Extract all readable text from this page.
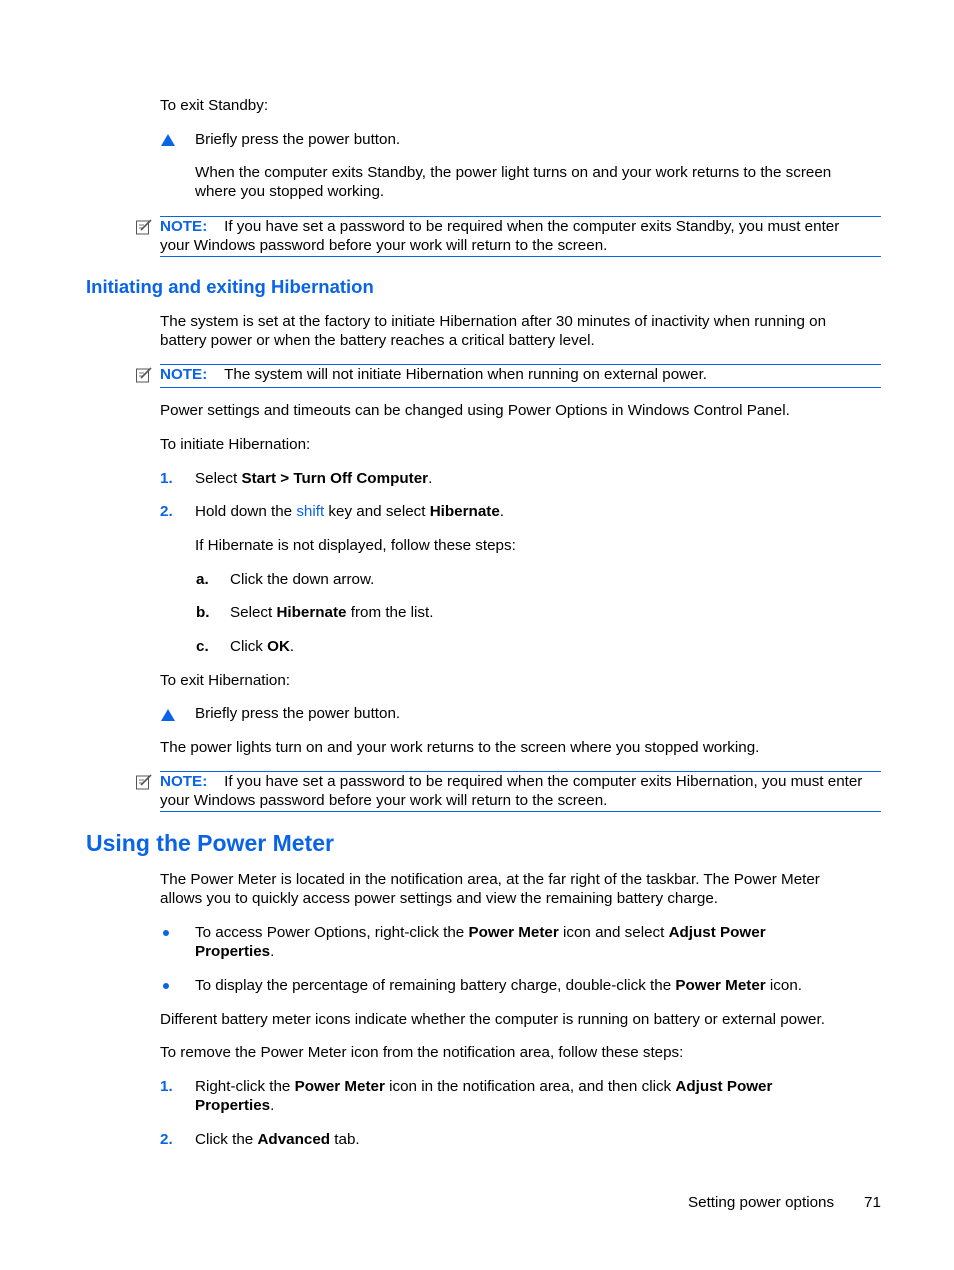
To exit Standby:
Briefly press the power button.
When the computer exits Standby, the power light turns on and your work returns to the screen
where you stopped working.
NOTE: If you have set a password to be required when the computer exits Standby, you must enter
your Windows password before your work will return to the screen.
Initiating and exiting Hibernation
The system is set at the factory to initiate Hibernation after 30 minutes of inactivity when running on
battery power or when the battery reaches a critical battery level.
NOTE: The system will not initiate Hibernation when running on external power.
Power settings and timeouts can be changed using Power Options in Windows Control Panel.
To initiate Hibernation:
1. Select Start > Turn Off Computer.
2. Hold down the shift key and select Hibernate.
If Hibernate is not displayed, follow these steps:
a. Click the down arrow.
b. Select Hibernate from the list.
c. Click OK.
To exit Hibernation:
Briefly press the power button.
The power lights turn on and your work returns to the screen where you stopped working.
NOTE: If you have set a password to be required when the computer exits Hibernation, you must enter
your Windows password before your work will return to the screen.
Using the Power Meter
The Power Meter is located in the notification area, at the far right of the taskbar. The Power Meter
allows you to quickly access power settings and view the remaining battery charge.
To access Power Options, right-click the Power Meter icon and select Adjust Power
Properties.
To display the percentage of remaining battery charge, double-click the Power Meter icon.
Different battery meter icons indicate whether the computer is running on battery or external power.
To remove the Power Meter icon from the notification area, follow these steps:
1. Right-click the Power Meter icon in the notification area, and then click Adjust Power
Properties.
2. Click the Advanced tab.
Setting power options 71
